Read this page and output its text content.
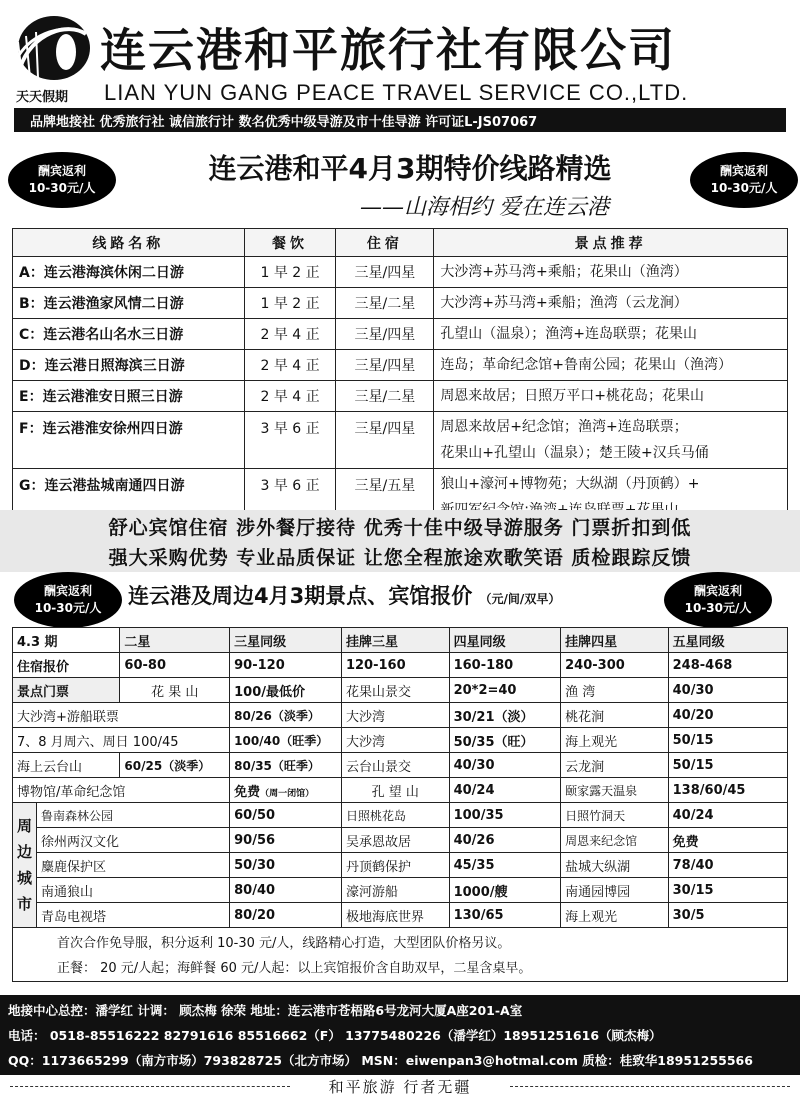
连云港和平旅行社有限公司
天天假期 LIAN YUN GANG PEACE TRAVEL SERVICE CO.,LTD.
品牌地接社 优秀旅行社 诚信旅行计 数名优秀中级导游及市十佳导游 许可证L-JS07067
酬宾返利
10-30元/人
连云港和平4月3期特价线路精选	酬宾返利
10-30元/人
——山海相约 爱在连云港
线路名称	餐饮	住宿	景点推荐
A：连云港海滨休闲二日游	1 早 2 正	三星/四星	大沙湾+苏马湾+乘船；花果山（渔湾）
B：连云港渔家风情二日游	1 早 2 正	三星/二星	大沙湾+苏马湾+乘船；渔湾（云龙涧）
C：连云港名山名水三日游	2 早 4 正	三星/四星	孔望山（温泉）；渔湾+连岛联票；花果山
D：连云港日照海滨三日游	2 早 4 正	三星/四星	连岛；革命纪念馆+鲁南公园；花果山（渔湾）
E：连云港淮安日照三日游	2 早 4 正	三星/二星	周恩来故居；日照万平口+桃花岛；花果山
F：连云港淮安徐州四日游	3 早 6 正	三星/四星	周恩来故居+纪念馆；渔湾+连岛联票；
花果山+孔望山（温泉）；楚王陵+汉兵马俑

G：连云港盐城南通四日游	3 早 6 正	三星/五星	狼山+濠河+博物苑；大纵湖（丹顶鹤）+
舒心宾馆住宿 涉外餐厅接待 优秀十佳中级导游服务 门票折扣到低
强大采购优势 专业品质保证 让您全程旅途欢歌笑语 质检跟踪反馈
酬宾返利
10-30元/人	连云港及周边4月3期景点、宾馆报价 （元/间/双早）
酬宾返利
10-30元/人
4.3 期		二星	三星同级	挂牌三星	四星同级	挂牌四星	五星同级
住宿报价		60-80	90-120	120-160	160-180	240-300	248-468
景点门票		花 果 山	100/最低价	花果山景交	20*2=40	渔 湾	40/30
大沙湾+游船联票			80/26（淡季）	大沙湾	30/21（淡）	桃花涧	40/20
7、8 月周六、周日 100/45			100/40（旺季）	大沙湾	50/35（旺）	海上观光	50/15
海上云台山		60/25（淡季）	80/35（旺季）	云台山景交	40/30	云龙涧	50/15
博物馆/革命纪念馆			免费（周一闭馆）	孔 望 山	40/24	颐家露天温泉	138/60/45

周
边
城
市	鲁南森林公园		60/50	日照桃花岛	100/35	日照竹洞天	40/24
	徐州两汉文化		90/56	吴承恩故居	40/26	周恩来纪念馆	免费
	麋鹿保护区		50/30	丹顶鹤保护	45/35	盐城大纵湖	78/40
	南通狼山		80/40	濠河游船	1000/艘	南通园博园	30/15
	青岛电视塔		80/20	极地海底世界	130/65	海上观光	30/5

首次合作免导服，积分返利 10-30 元/人，线路精心打造，大型团队价格另议。
正餐： 20 元/人起；海鲜餐 60 元/人起：以上宾馆报价含自助双早，二星含桌早。							
地接中心总控：潘学红 计调： 顾杰梅 徐荣 地址：连云港市苍梧路6号龙河大厦A座201-A室
电话： 0518-85516222 82791616 85516662（F） 13775480226（潘学红）18951251616（顾杰梅）
QQ：1173665299（南方市场）793828725（北方市场） MSN：eiwenpan3@hotmal.com 质检：桂致华18951255566
和平旅游 行者无疆
